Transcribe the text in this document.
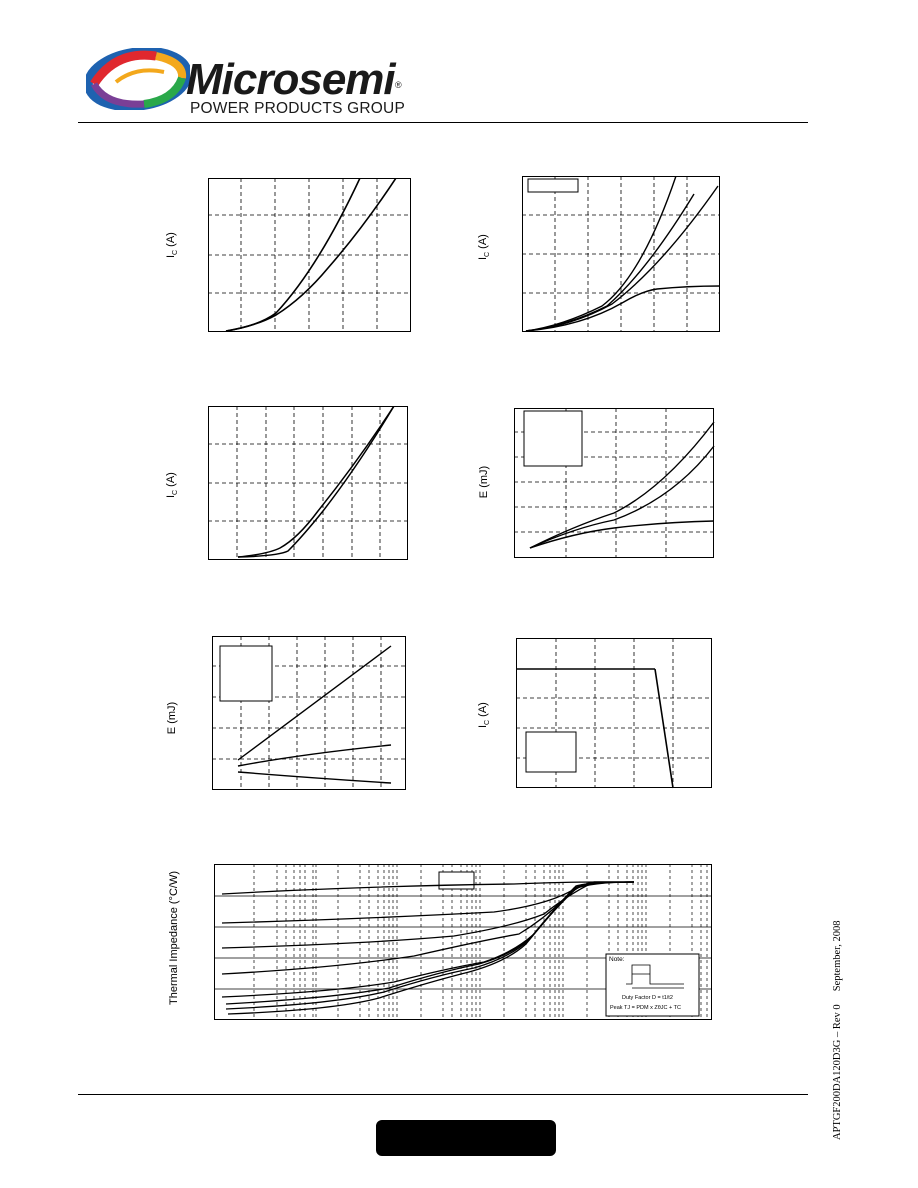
Microsemi ®
POWER PRODUCTS GROUP
$I_C$ (A)
$I_C$ (A)
$I_C$ (A)	E (mJ)
E (mJ)	$I_C$ (A)
Thermal Impedance (°C/W)	Note:
Duty Factor D = t1/t2
Peak TJ = PDM x ZθJC + TC	APTGF200DA120D3G – Rev 0     September, 2008
